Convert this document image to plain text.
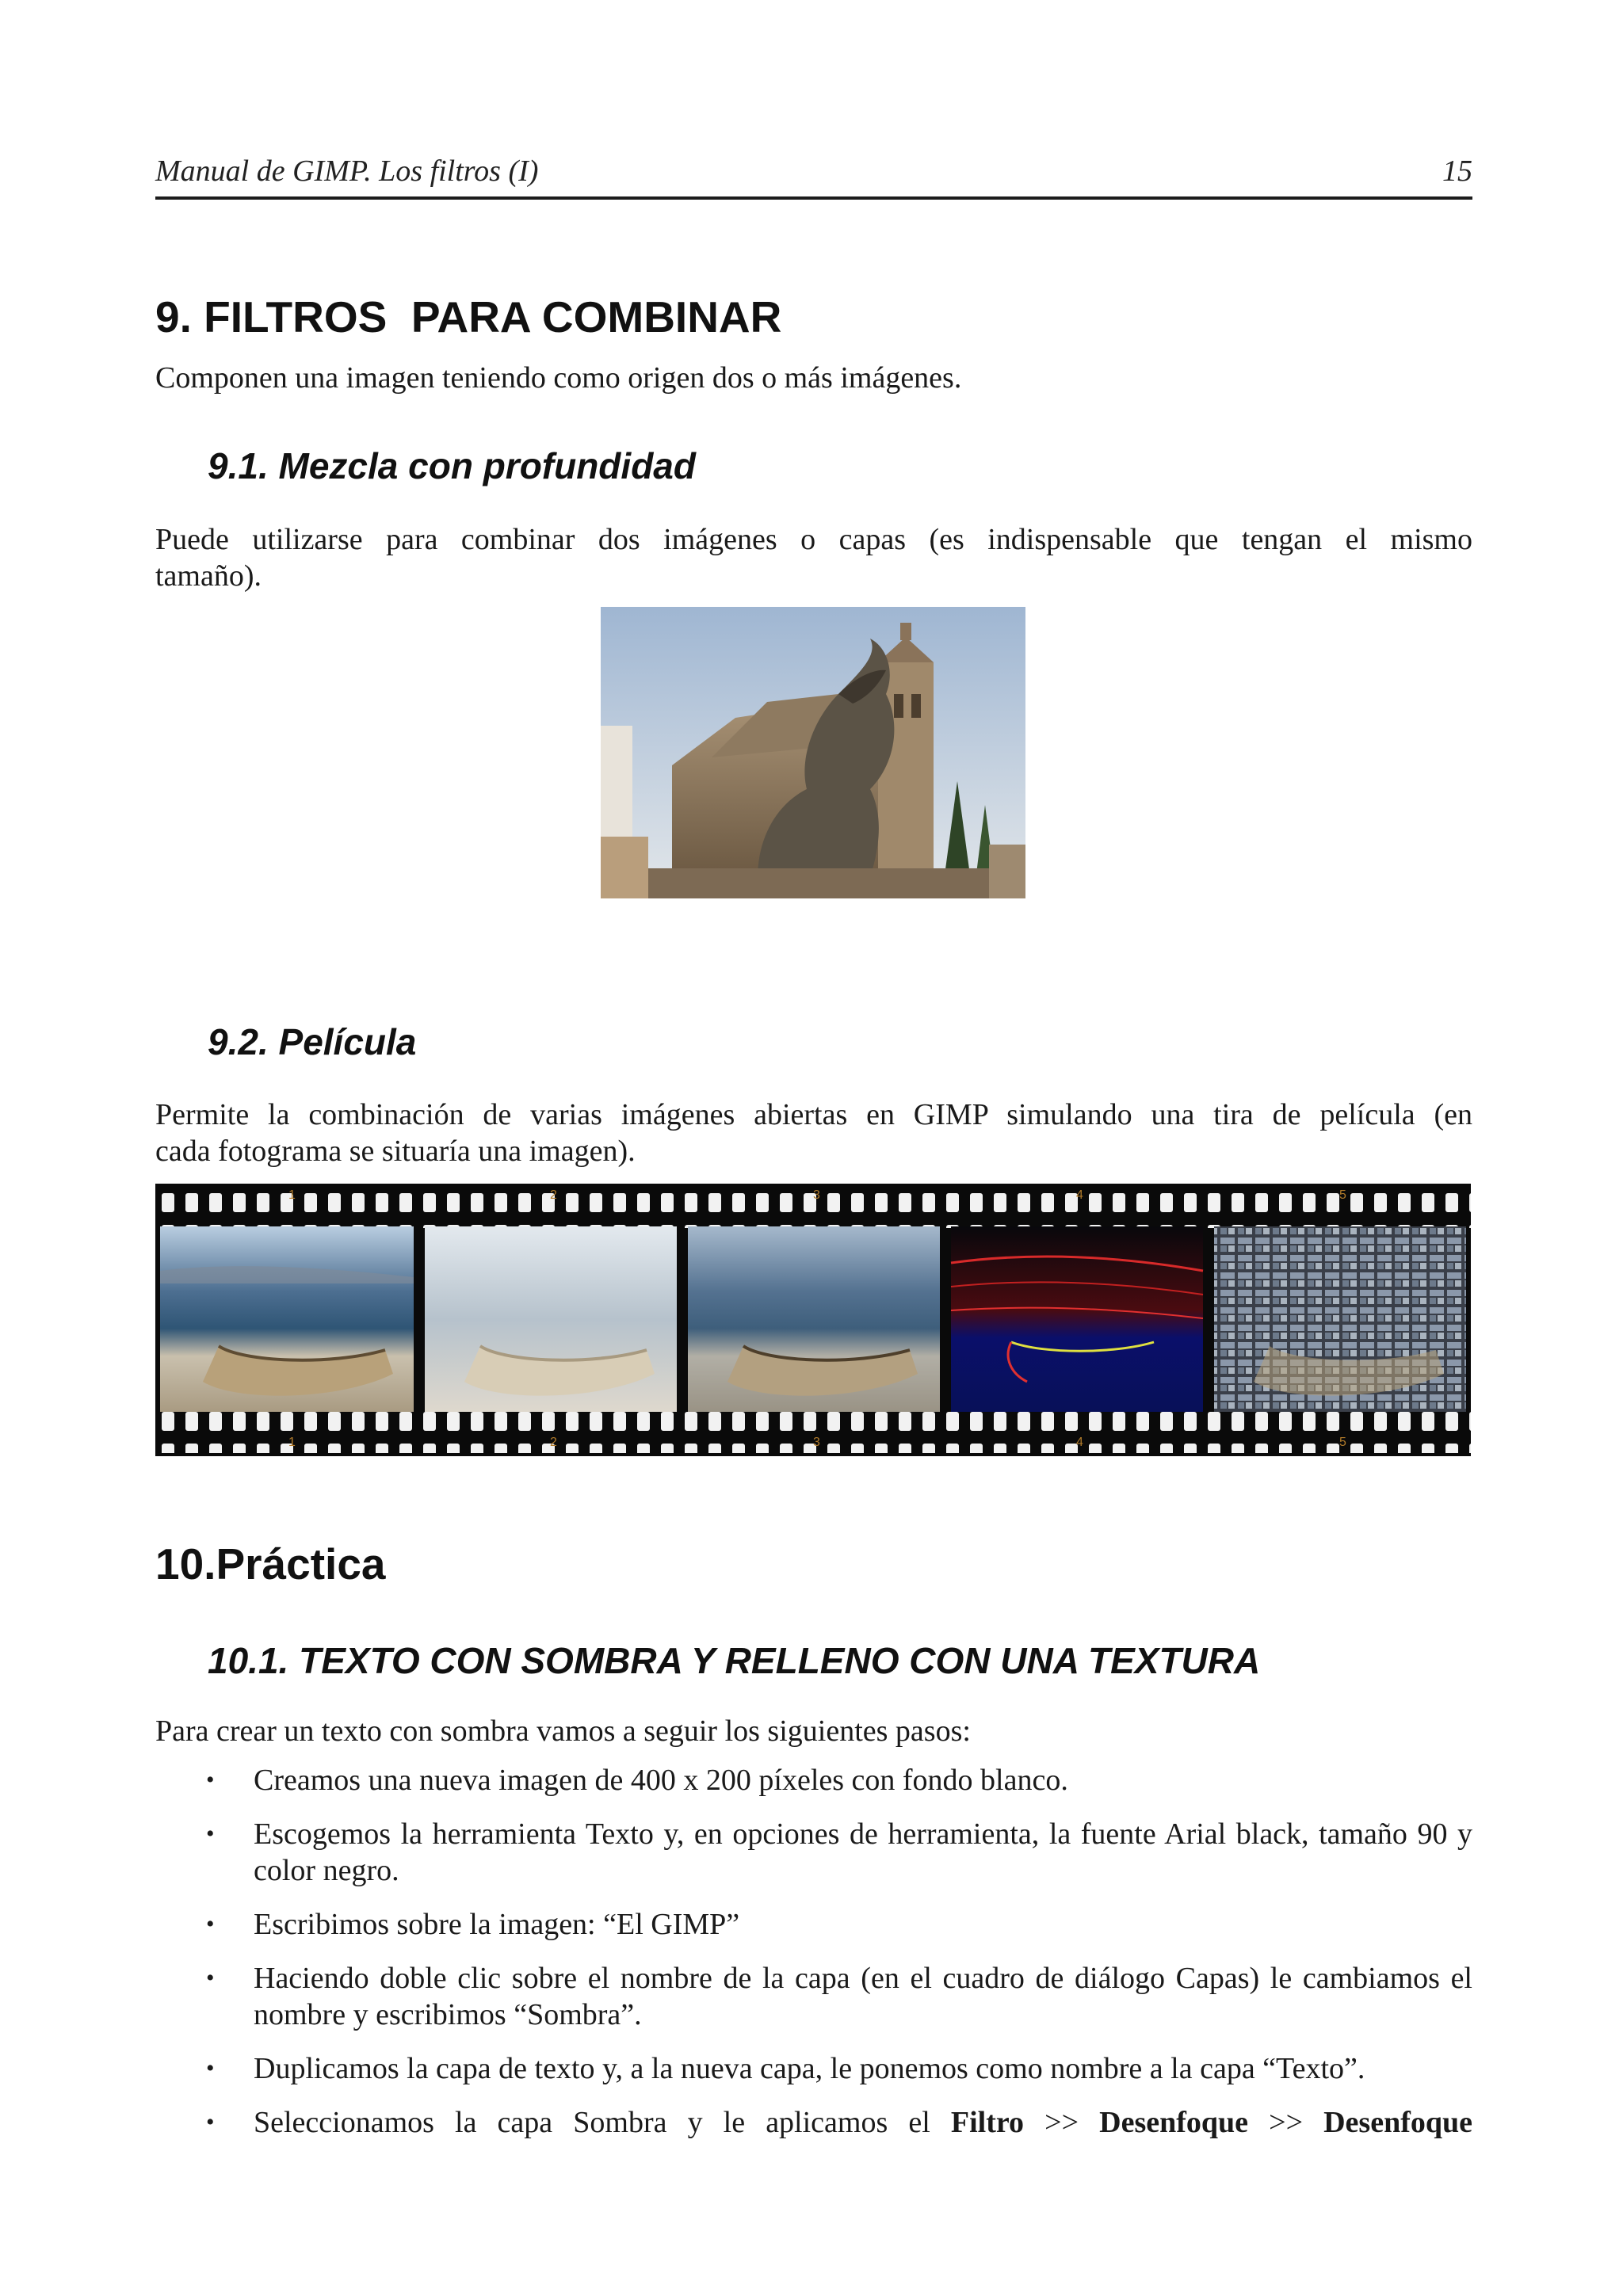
Manual de GIMP. Los filtros (I)	15
9. FILTROS  PARA COMBINAR
Componen una imagen teniendo como origen dos o más imágenes.
9.1. Mezcla con profundidad
Puede utilizarse para combinar dos imágenes o capas (es indispensable que tengan el mismo
tamaño).
9.2. Película
Permite la combinación de varias imágenes abiertas en GIMP simulando una tira de película (en
cada fotograma se situaría una imagen).
1	2	3	4	5
1	2	3	4	5
10.Práctica
10.1. TEXTO CON SOMBRA Y RELLENO CON UNA TEXTURA
Para crear un texto con sombra vamos a seguir los siguientes pasos:
• Creamos una nueva imagen de 400 x 200 píxeles con fondo blanco.
• Escogemos la herramienta Texto y, en opciones de herramienta, la fuente Arial black, tamaño 90 y color negro.
• Escribimos sobre la imagen: “El GIMP”
• Haciendo doble clic sobre el nombre de la capa (en el cuadro de diálogo Capas) le cambiamos el nombre y escribimos “Sombra”.
• Duplicamos la capa de texto y, a la nueva capa, le ponemos como nombre a la capa “Texto”.
• Seleccionamos la capa Sombra y le aplicamos el Filtro >> Desenfoque >> Desenfoque
